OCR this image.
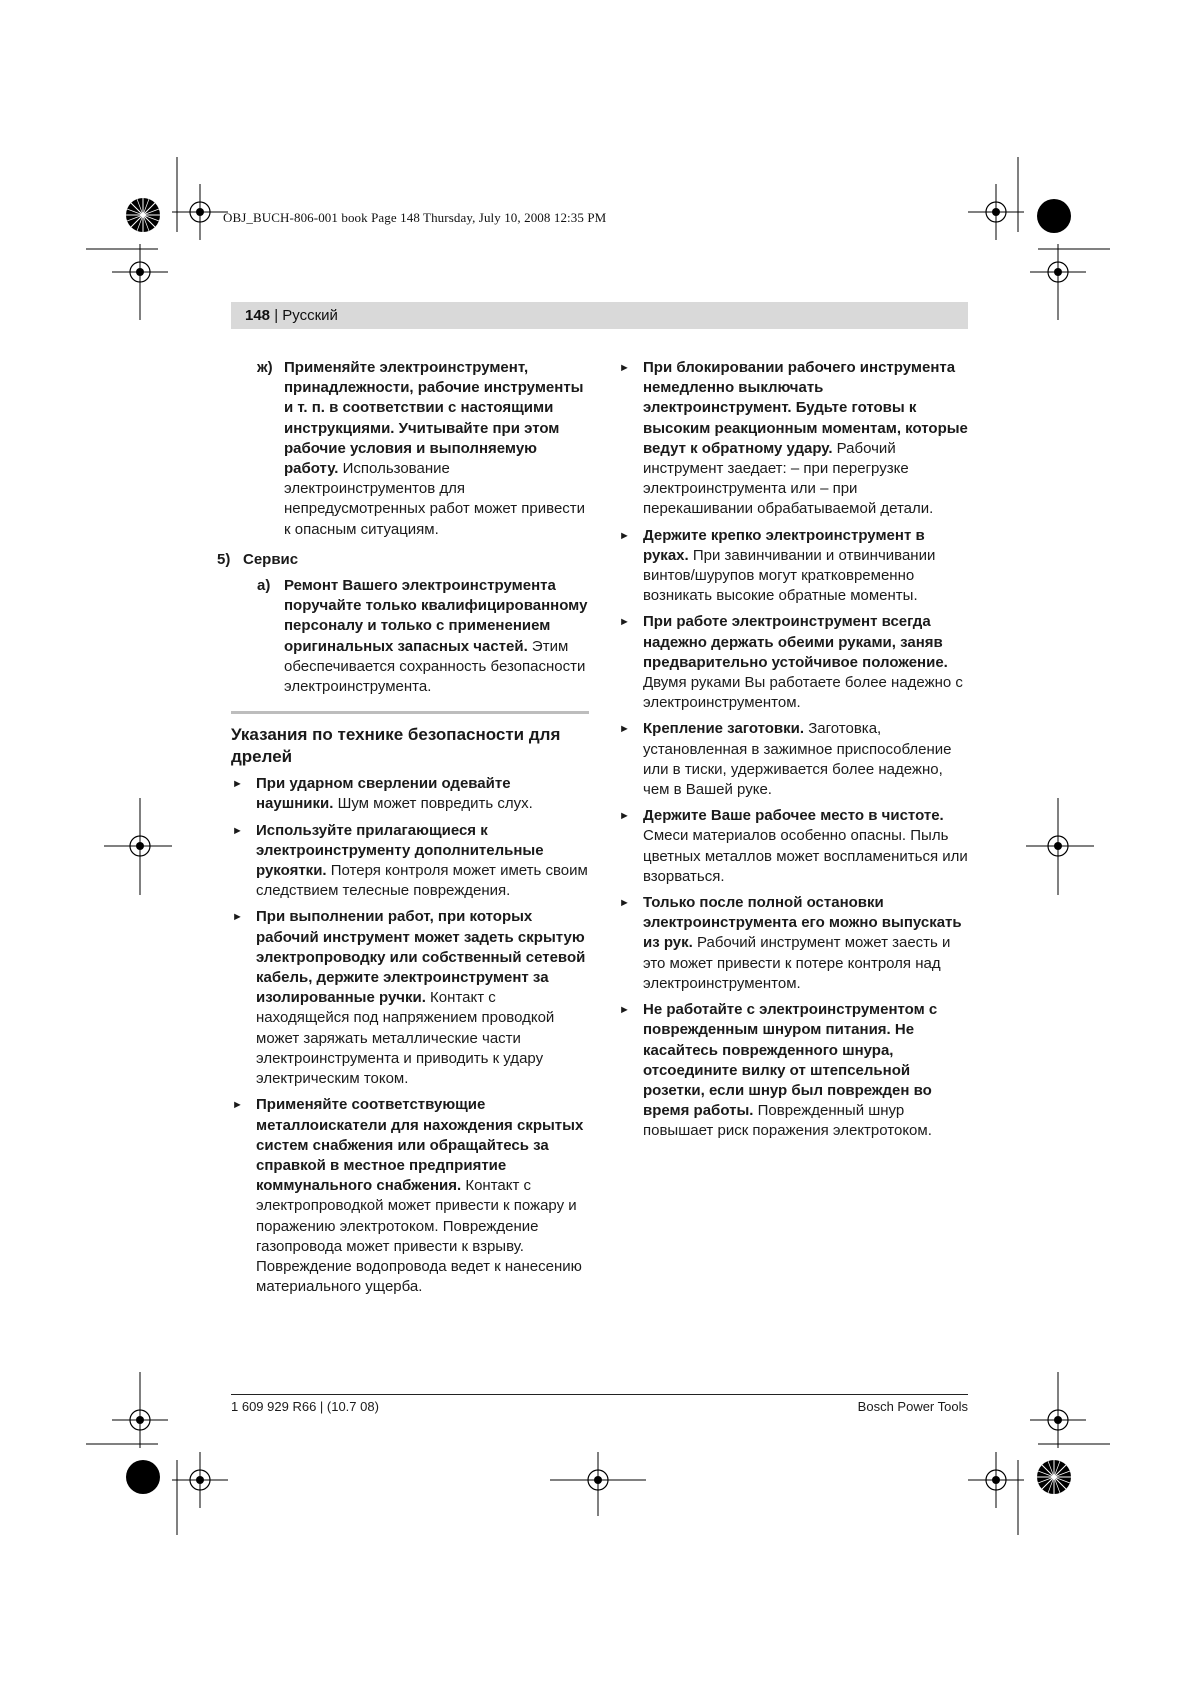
OBJ_BUCH-806-001 book Page 148 Thursday, July 10, 2008 12:35 PM
148 | Русский
ж) Применяйте электроинструмент, принадлежности, рабочие инструменты и т. п. в соответствии с настоящими инструкциями. Учитывайте при этом рабочие условия и выполняемую работу. Использование электроинструментов для непредусмотренных работ может привести к опасным ситуациям.
5) Сервис
а) Ремонт Вашего электроинструмента поручайте только квалифицированному персоналу и только с применением оригинальных запасных частей. Этим обеспечивается сохранность безопасности электроинструмента.
Указания по технике безопасности для дрелей
► При ударном сверлении одевайте наушники. Шум может повредить слух.
► Используйте прилагающиеся к электроинструменту дополнительные рукоятки. Потеря контроля может иметь своим следствием телесные повреждения.
► При выполнении работ, при которых рабочий инструмент может задеть скрытую электропроводку или собственный сетевой кабель, держите электроинструмент за изолированные ручки. Контакт с находящейся под напряжением проводкой может заряжать металлические части электроинструмента и приводить к удару электрическим током.
► Применяйте соответствующие металлоискатели для нахождения скрытых систем снабжения или обращайтесь за справкой в местное предприятие коммунального снабжения. Контакт с электропроводкой может привести к пожару и поражению электротоком. Повреждение газопровода может привести к взрыву. Повреждение водопровода ведет к нанесению материального ущерба.
► При блокировании рабочего инструмента немедленно выключать электроинструмент. Будьте готовы к высоким реакционным моментам, которые ведут к обратному удару. Рабочий инструмент заедает: – при перегрузке электроинструмента или – при перекашивании обрабатываемой детали.
► Держите крепко электроинструмент в руках. При завинчивании и отвинчивании винтов/шурупов могут кратковременно возникать высокие обратные моменты.
► При работе электроинструмент всегда надежно держать обеими руками, заняв предварительно устойчивое положение. Двумя руками Вы работаете более надежно с электроинструментом.
► Крепление заготовки. Заготовка, установленная в зажимное приспособление или в тиски, удерживается более надежно, чем в Вашей руке.
► Держите Ваше рабочее место в чистоте. Смеси материалов особенно опасны. Пыль цветных металлов может воспламениться или взорваться.
► Только после полной остановки электроинструмента его можно выпускать из рук. Рабочий инструмент может заесть и это может привести к потере контроля над электроинструментом.
► Не работайте с электроинструментом с поврежденным шнуром питания. Не касайтесь поврежденного шнура, отсоедините вилку от штепсельной розетки, если шнур был поврежден во время работы. Поврежденный шнур повышает риск поражения электротоком.
1 609 929 R66 | (10.7 08)	Bosch Power Tools
